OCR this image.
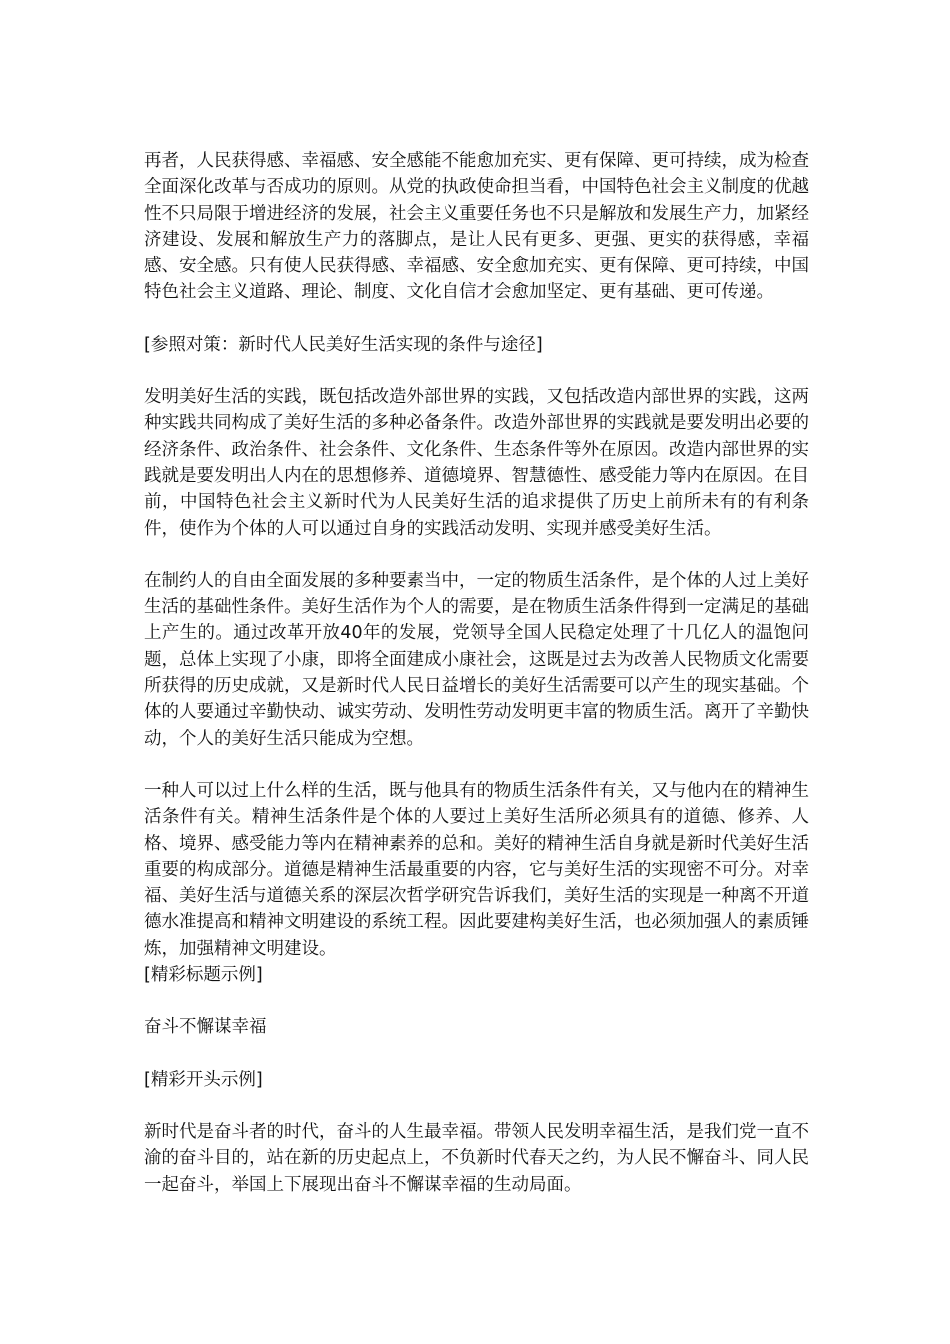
再者，人民获得感、幸福感、安全感能不能愈加充实、更有保障、更可持续，成为检查全面深化改革与否成功的原则。从党的执政使命担当看，中国特色社会主义制度的优越性不只局限于增进经济的发展，社会主义重要任务也不只是解放和发展生产力，加紧经济建设、发展和解放生产力的落脚点，是让人民有更多、更强、更实的获得感，幸福感、安全感。只有使人民获得感、幸福感、安全愈加充实、更有保障、更可持续，中国特色社会主义道路、理论、制度、文化自信才会愈加坚定、更有基础、更可传递。

[参照对策：新时代人民美好生活实现的条件与途径]

发明美好生活的实践，既包括改造外部世界的实践，又包括改造内部世界的实践，这两种实践共同构成了美好生活的多种必备条件。改造外部世界的实践就是要发明出必要的经济条件、政治条件、社会条件、文化条件、生态条件等外在原因。改造内部世界的实践就是要发明出人内在的思想修养、道德境界、智慧德性、感受能力等内在原因。在目前，中国特色社会主义新时代为人民美好生活的追求提供了历史上前所未有的有利条件，使作为个体的人可以通过自身的实践活动发明、实现并感受美好生活。

在制约人的自由全面发展的多种要素当中，一定的物质生活条件，是个体的人过上美好生活的基础性条件。美好生活作为个人的需要，是在物质生活条件得到一定满足的基础上产生的。通过改革开放40年的发展，党领导全国人民稳定处理了十几亿人的温饱问题，总体上实现了小康，即将全面建成小康社会，这既是过去为改善人民物质文化需要所获得的历史成就，又是新时代人民日益增长的美好生活需要可以产生的现实基础。个体的人要通过辛勤快动、诚实劳动、发明性劳动发明更丰富的物质生活。离开了辛勤快动，个人的美好生活只能成为空想。

一种人可以过上什么样的生活，既与他具有的物质生活条件有关，又与他内在的精神生活条件有关。精神生活条件是个体的人要过上美好生活所必须具有的道德、修养、人格、境界、感受能力等内在精神素养的总和。美好的精神生活自身就是新时代美好生活重要的构成部分。道德是精神生活最重要的内容，它与美好生活的实现密不可分。对幸福、美好生活与道德关系的深层次哲学研究告诉我们，美好生活的实现是一种离不开道德水准提高和精神文明建设的系统工程。因此要建构美好生活，也必须加强人的素质锤炼，加强精神文明建设。

[精彩标题示例]

奋斗不懈谋幸福

[精彩开头示例]

新时代是奋斗者的时代，奋斗的人生最幸福。带领人民发明幸福生活，是我们党一直不渝的奋斗目的，站在新的历史起点上，不负新时代春天之约，为人民不懈奋斗、同人民一起奋斗，举国上下展现出奋斗不懈谋幸福的生动局面。
